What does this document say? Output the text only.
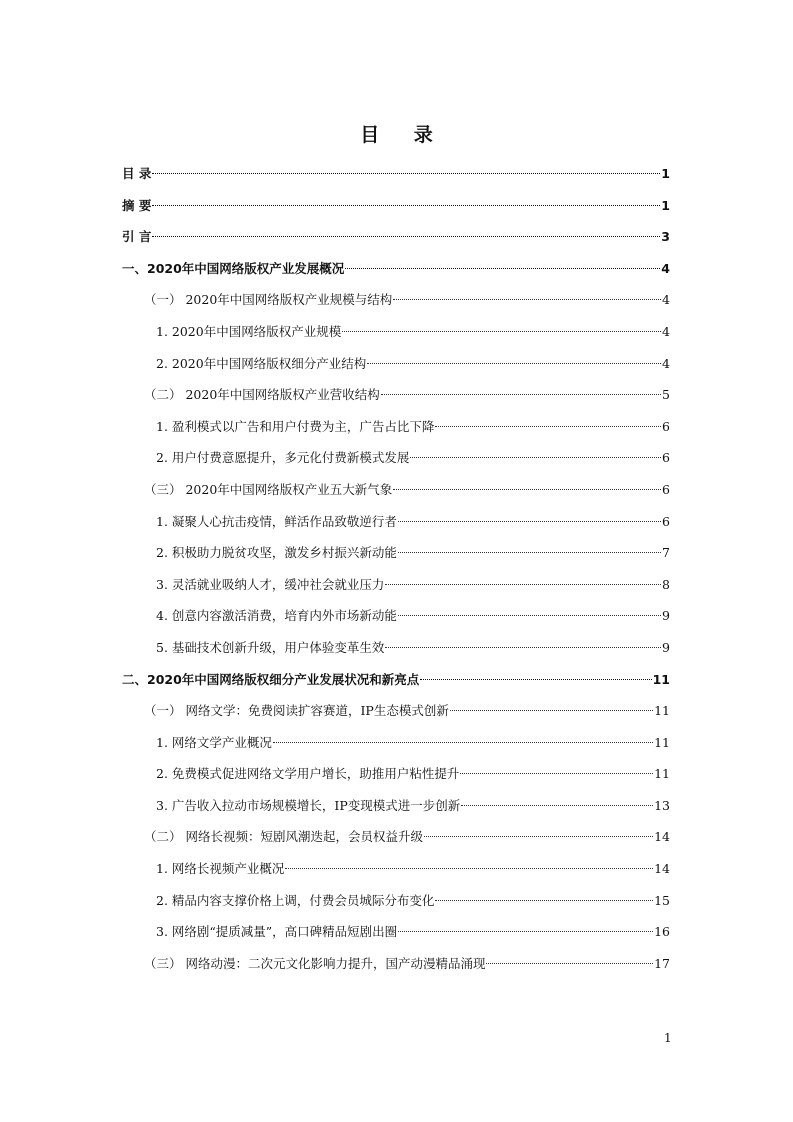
目 录
目 录	1
摘 要	1
引 言	3
一、2020年中国网络版权产业发展概况	4
（一） 2020年中国网络版权产业规模与结构	4
1. 2020年中国网络版权产业规模	4
2. 2020年中国网络版权细分产业结构	4
（二） 2020年中国网络版权产业营收结构	5
1. 盈利模式以广告和用户付费为主，广告占比下降	6
2. 用户付费意愿提升，多元化付费新模式发展	6
（三） 2020年中国网络版权产业五大新气象	6
1. 凝聚人心抗击疫情，鲜活作品致敬逆行者	6
2. 积极助力脱贫攻坚，激发乡村振兴新动能	7
3. 灵活就业吸纳人才，缓冲社会就业压力	8
4. 创意内容激活消费，培育内外市场新动能	9
5. 基础技术创新升级，用户体验变革生效	9
二、2020年中国网络版权细分产业发展状况和新亮点	11
（一） 网络文学：免费阅读扩容赛道，IP生态模式创新	11
1. 网络文学产业概况	11
2. 免费模式促进网络文学用户增长，助推用户粘性提升	11
3. 广告收入拉动市场规模增长，IP变现模式进一步创新	13
（二） 网络长视频：短剧风潮迭起，会员权益升级	14
1. 网络长视频产业概况	14
2. 精品内容支撑价格上调，付费会员城际分布变化	15
3. 网络剧“提质减量”，高口碑精品短剧出圈	16
（三） 网络动漫：二次元文化影响力提升，国产动漫精品涌现	17
1
